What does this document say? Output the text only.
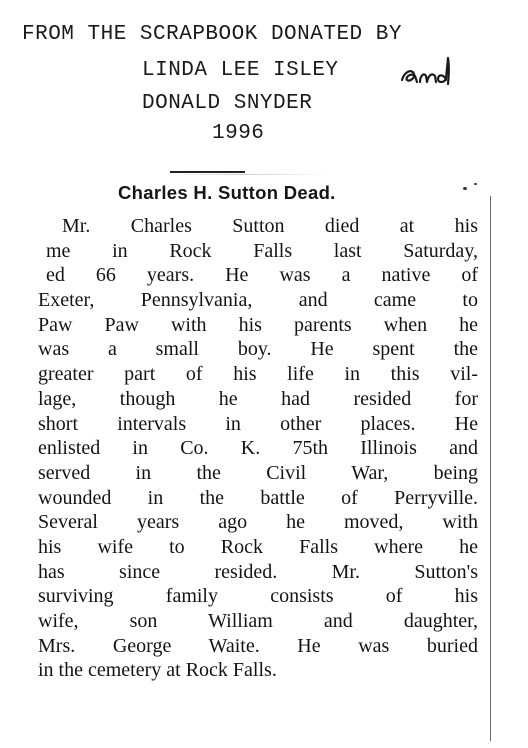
FROM THE SCRAPBOOK DONATED BY
LINDA LEE ISLEY
DONALD SNYDER
1996
Charles H. Sutton Dead.
Mr. Charles Sutton died at his
me in Rock Falls last Saturday,
ed 66 years. He was a native of
Exeter, Pennsylvania, and came to
Paw Paw with his parents when he
was a small boy. He spent the
greater part of his life in this vil-
lage, though he had resided for
short intervals in other places. He
enlisted in Co. K. 75th Illinois and
served in the Civil War, being
wounded in the battle of Perryville.
Several years ago he moved, with
his wife to Rock Falls where he
has since resided. Mr. Sutton's
surviving family consists of his
wife, son William and daughter,
Mrs. George Waite. He was buried
in the cemetery at Rock Falls.
